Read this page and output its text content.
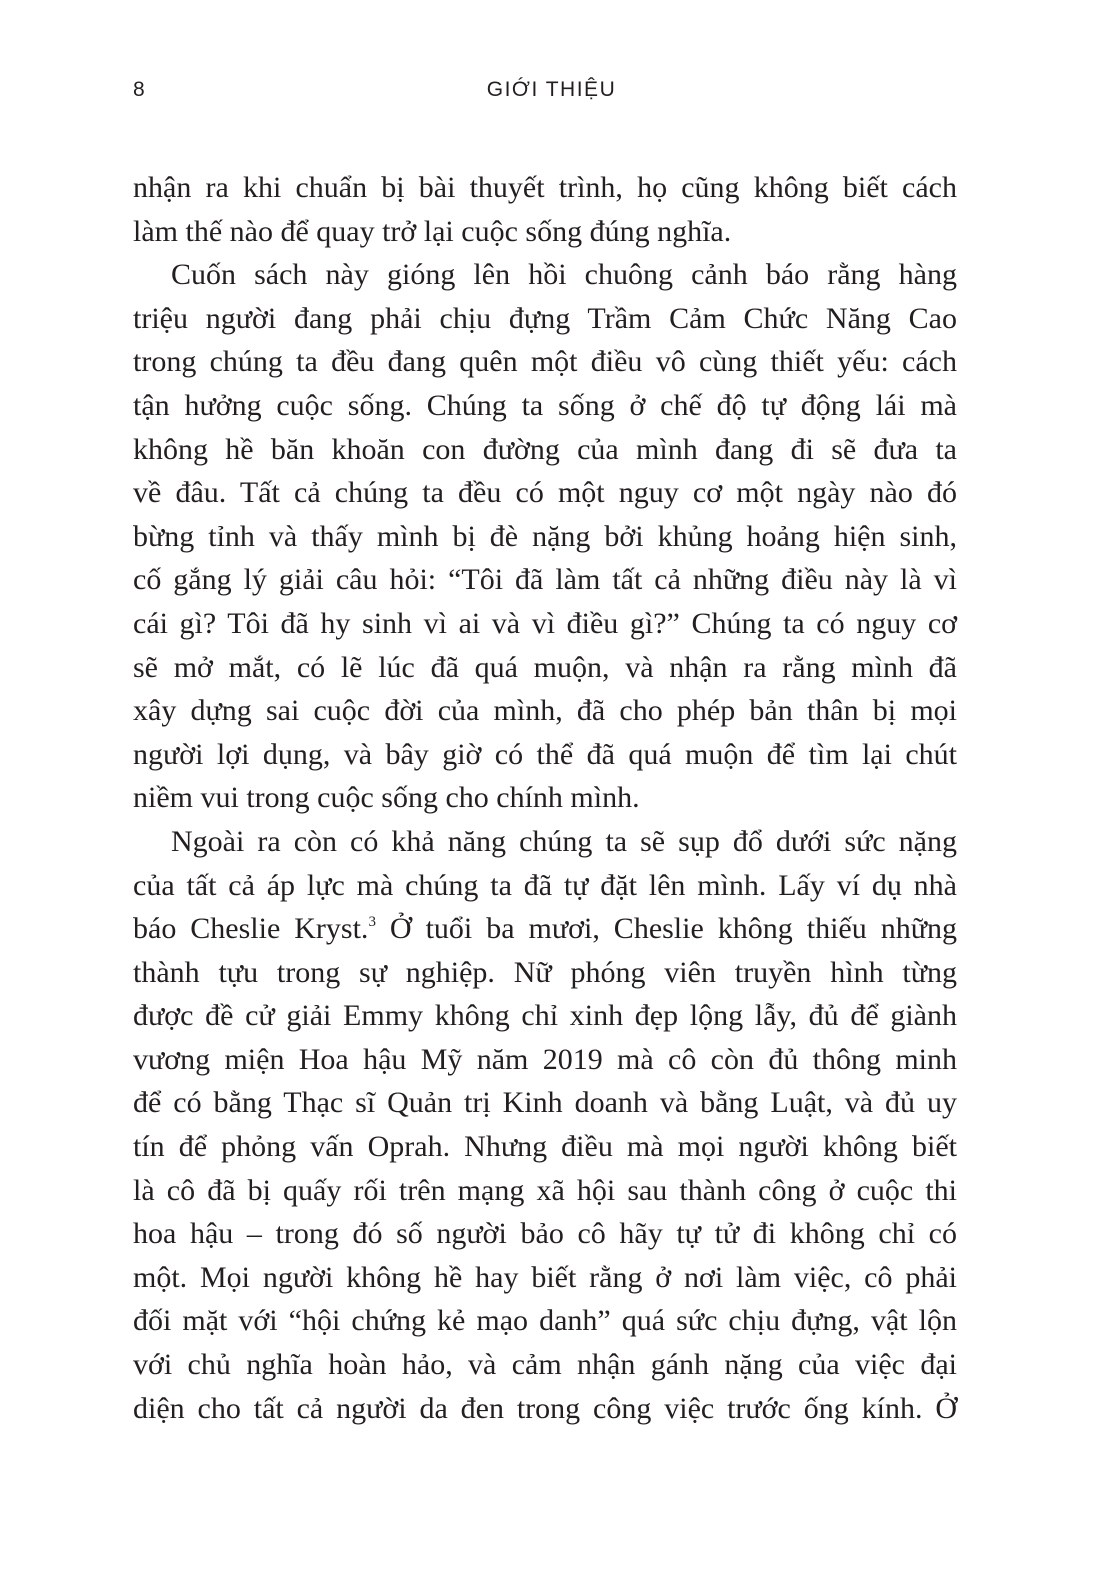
8	GIỚI THIỆU
nhận ra khi chuẩn bị bài thuyết trình, họ cũng không biết cách
làm thế nào để quay trở lại cuộc sống đúng nghĩa.
Cuốn sách này gióng lên hồi chuông cảnh báo rằng hàng
triệu người đang phải chịu đựng Trầm Cảm Chức Năng Cao
trong chúng ta đều đang quên một điều vô cùng thiết yếu: cách
tận hưởng cuộc sống. Chúng ta sống ở chế độ tự động lái mà
không hề băn khoăn con đường của mình đang đi sẽ đưa ta
về đâu. Tất cả chúng ta đều có một nguy cơ một ngày nào đó
bừng tỉnh và thấy mình bị đè nặng bởi khủng hoảng hiện sinh,
cố gắng lý giải câu hỏi: “Tôi đã làm tất cả những điều này là vì
cái gì? Tôi đã hy sinh vì ai và vì điều gì?” Chúng ta có nguy cơ
sẽ mở mắt, có lẽ lúc đã quá muộn, và nhận ra rằng mình đã
xây dựng sai cuộc đời của mình, đã cho phép bản thân bị mọi
người lợi dụng, và bây giờ có thể đã quá muộn để tìm lại chút
niềm vui trong cuộc sống cho chính mình.
Ngoài ra còn có khả năng chúng ta sẽ sụp đổ dưới sức nặng
của tất cả áp lực mà chúng ta đã tự đặt lên mình. Lấy ví dụ nhà
báo Cheslie Kryst.$^3$ Ở tuổi ba mươi, Cheslie không thiếu những
thành tựu trong sự nghiệp. Nữ phóng viên truyền hình từng
được đề cử giải Emmy không chỉ xinh đẹp lộng lẫy, đủ để giành
vương miện Hoa hậu Mỹ năm 2019 mà cô còn đủ thông minh
để có bằng Thạc sĩ Quản trị Kinh doanh và bằng Luật, và đủ uy
tín để phỏng vấn Oprah. Nhưng điều mà mọi người không biết
là cô đã bị quấy rối trên mạng xã hội sau thành công ở cuộc thi
hoa hậu – trong đó số người bảo cô hãy tự tử đi không chỉ có
một. Mọi người không hề hay biết rằng ở nơi làm việc, cô phải
đối mặt với “hội chứng kẻ mạo danh” quá sức chịu đựng, vật lộn
với chủ nghĩa hoàn hảo, và cảm nhận gánh nặng của việc đại
diện cho tất cả người da đen trong công việc trước ống kính. Ở
